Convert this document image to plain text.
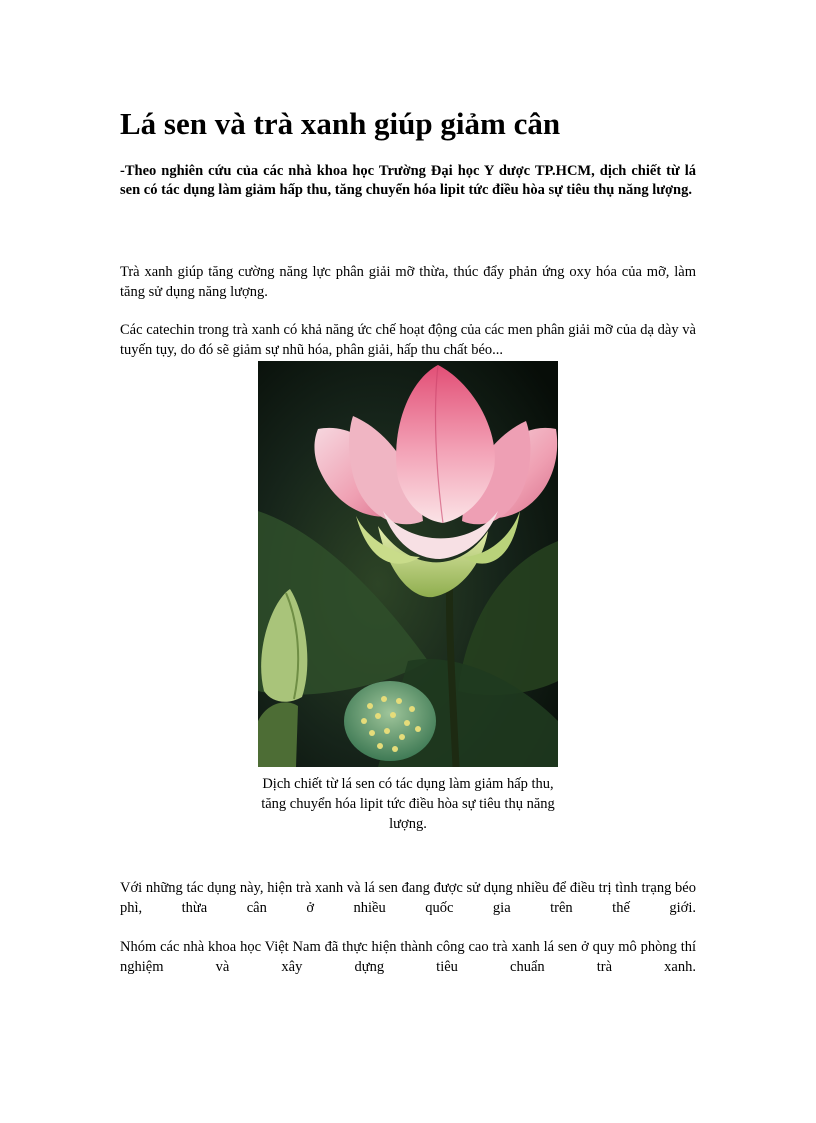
Lá sen và trà xanh giúp giảm cân

-Theo nghiên cứu của các nhà khoa học Trường Đại học Y dược TP.HCM, dịch chiết từ lá sen có tác dụng làm giảm hấp thu, tăng chuyển hóa lipit tức điều hòa sự tiêu thụ năng lượng.

Trà xanh giúp tăng cường năng lực phân giải mỡ thừa, thúc đẩy phản ứng oxy hóa của mỡ, làm tăng sử dụng năng lượng.

Các catechin trong trà xanh có khả năng ức chế hoạt động của các men phân giải mỡ của dạ dày và tuyến tụy, do đó sẽ giảm sự nhũ hóa, phân giải, hấp thu chất béo...

Dịch chiết từ lá sen có tác dụng làm giảm hấp thu, tăng chuyển hóa lipit tức điều hòa sự tiêu thụ năng lượng.

Với những tác dụng này, hiện trà xanh và lá sen đang được sử dụng nhiều để điều trị tình trạng béo phì, thừa cân ở nhiều quốc gia trên thế giới.

Nhóm các nhà khoa học Việt Nam đã thực hiện thành công cao trà xanh lá sen ở quy mô phòng thí nghiệm và xây dựng tiêu chuẩn trà xanh.
